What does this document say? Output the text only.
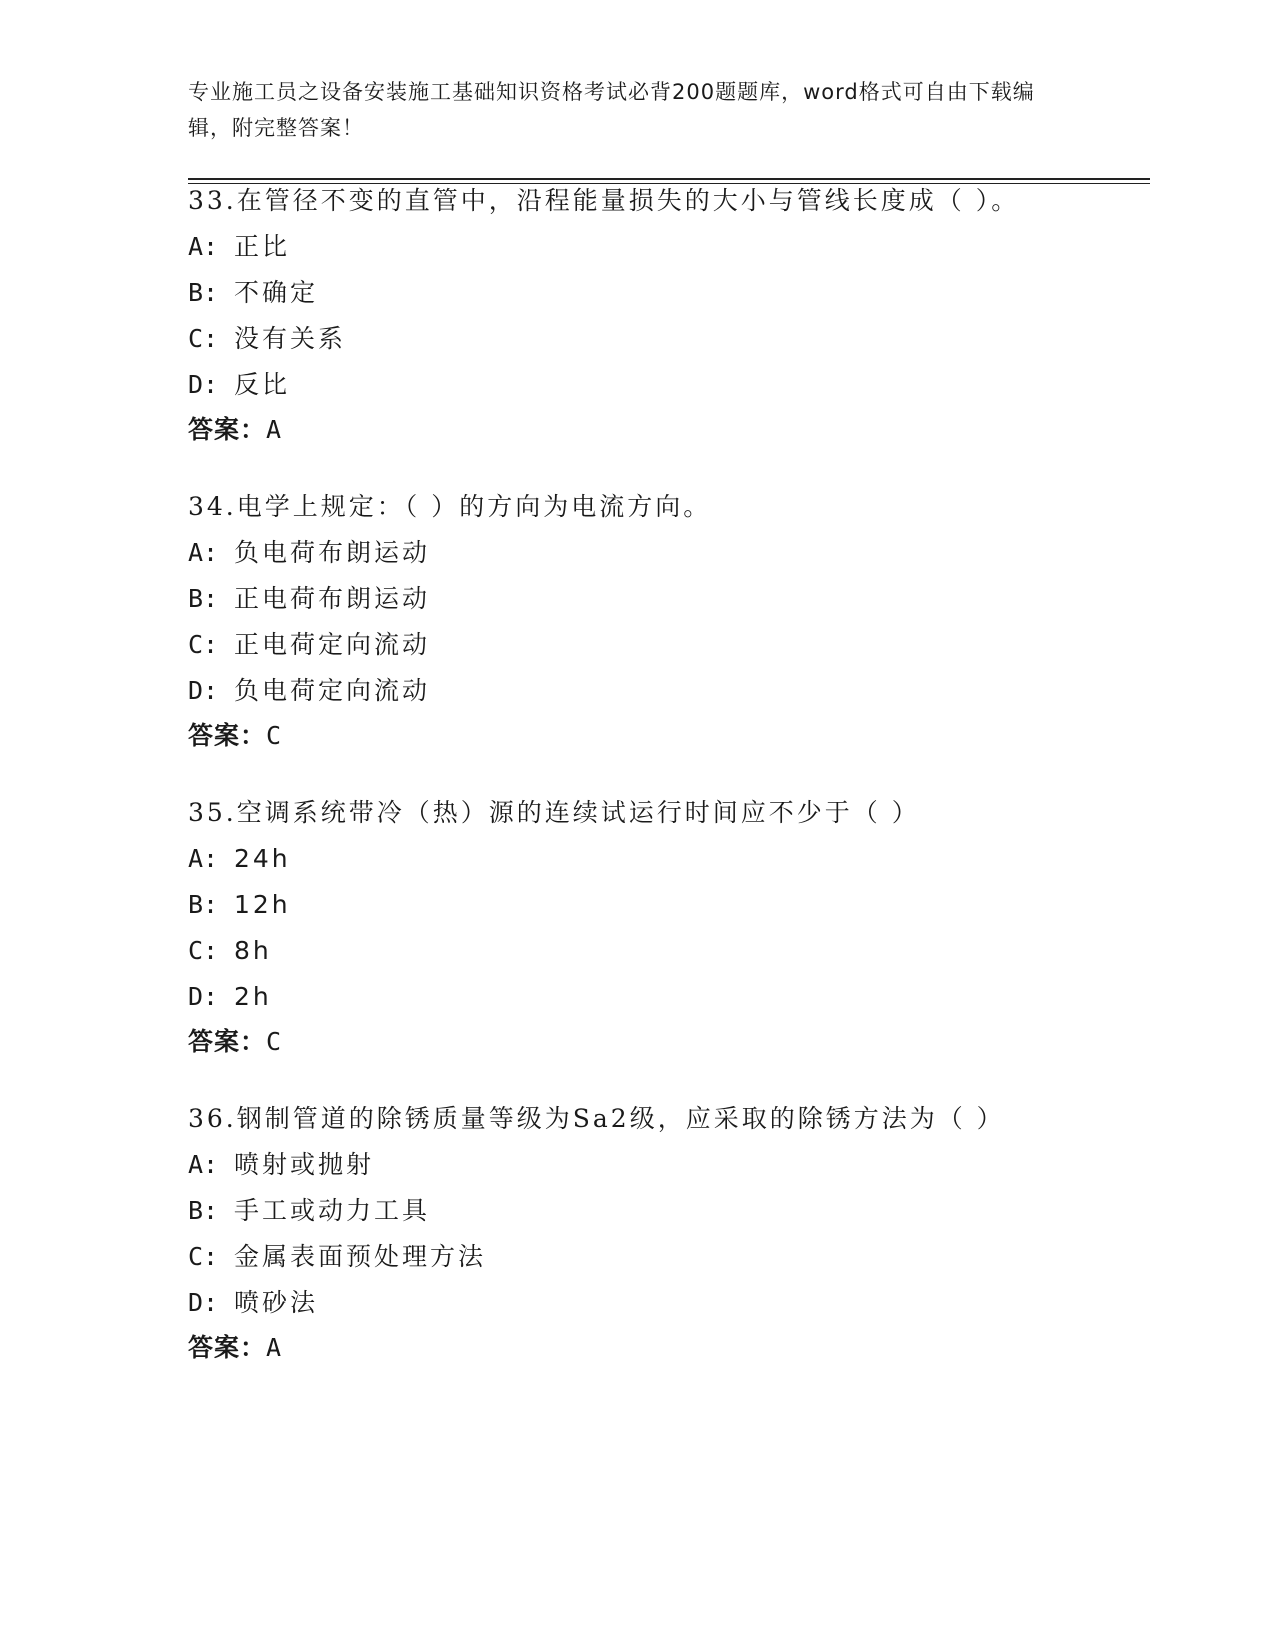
专业施工员之设备安装施工基础知识资格考试必背200题题库，word格式可自由下载编辑，附完整答案！
33.在管径不变的直管中，沿程能量损失的大小与管线长度成（ ）。
A: 正比
B: 不确定
C: 没有关系
D: 反比
答案：A
34.电学上规定：（ ）的方向为电流方向。
A: 负电荷布朗运动
B: 正电荷布朗运动
C: 正电荷定向流动
D: 负电荷定向流动
答案：C
35.空调系统带冷（热）源的连续试运行时间应不少于（ ）
A: 24h
B: 12h
C: 8h
D: 2h
答案：C
36.钢制管道的除锈质量等级为Sa2级，应采取的除锈方法为（ ）
A: 喷射或抛射
B: 手工或动力工具
C: 金属表面预处理方法
D: 喷砂法
答案：A
